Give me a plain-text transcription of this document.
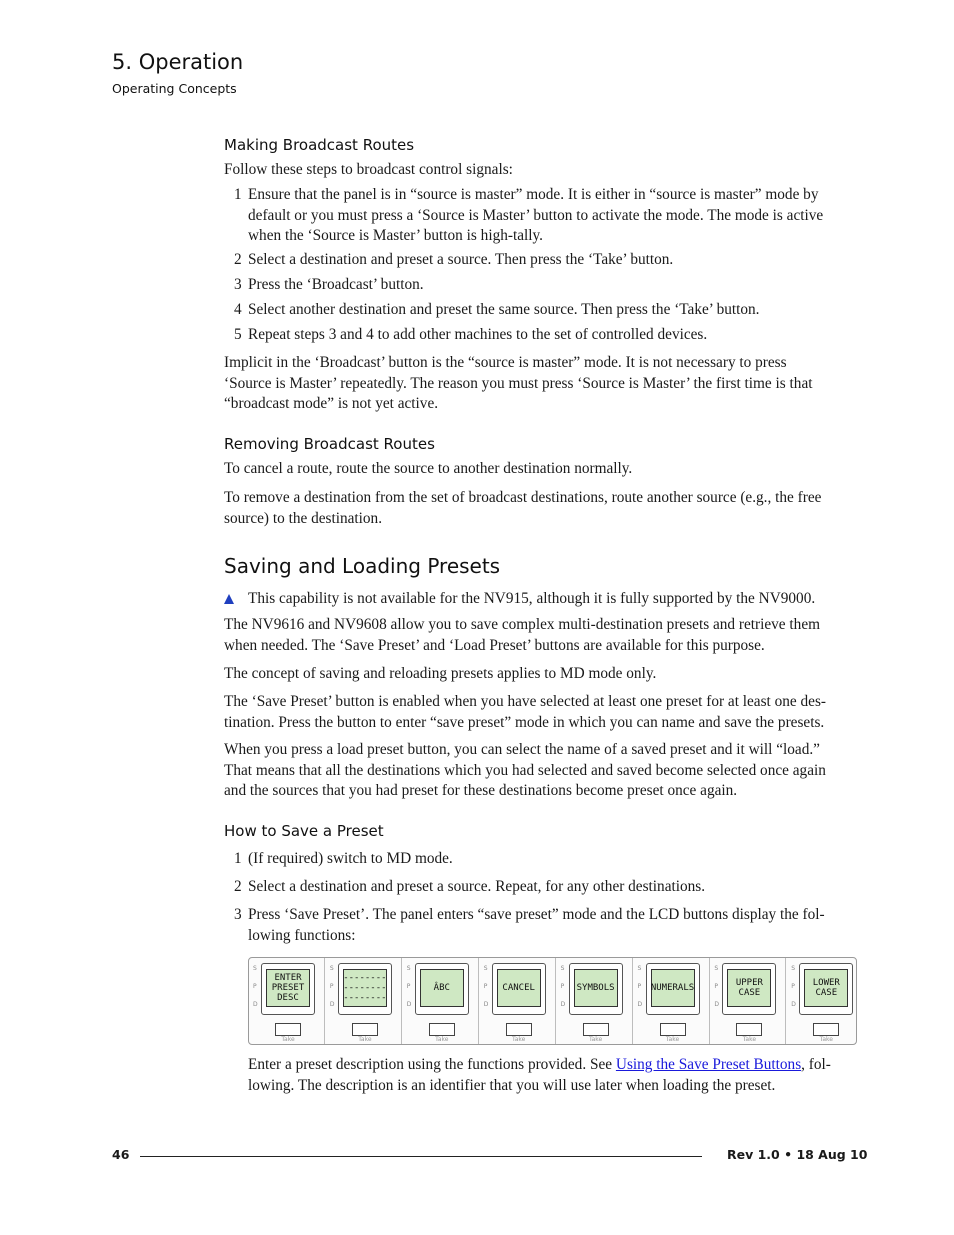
5. Operation
Operating Concepts
Making Broadcast Routes
Follow these steps to broadcast control signals:
1 Ensure that the panel is in “source is master” mode. It is either in “source is master” mode by default or you must press a ‘Source is Master’ button to activate the mode. The mode is active when the ‘Source is Master’ button is high-tally.
2 Select a destination and preset a source. Then press the ‘Take’ button.
3 Press the ‘Broadcast’ button.
4 Select another destination and preset the same source. Then press the ‘Take’ button.
5 Repeat steps 3 and 4 to add other machines to the set of controlled devices.
Implicit in the ‘Broadcast’ button is the “source is master” mode. It is not necessary to press ‘Source is Master’ repeatedly. The reason you must press ‘Source is Master’ the first time is that “broadcast mode” is not yet active.
Removing Broadcast Routes
To cancel a route, route the source to another destination normally.
To remove a destination from the set of broadcast destinations, route another source (e.g., the free source) to the destination.
Saving and Loading Presets
This capability is not available for the NV915, although it is fully supported by the NV9000.
The NV9616 and NV9608 allow you to save complex multi-destination presets and retrieve them when needed. The ‘Save Preset’ and ‘Load Preset’ buttons are available for this purpose.
The concept of saving and reloading presets applies to MD mode only.
The ‘Save Preset’ button is enabled when you have selected at least one preset for at least one des-tination. Press the button to enter “save preset” mode in which you can name and save the presets.
When you press a load preset button, you can select the name of a saved preset and it will “load.” That means that all the destinations which you had selected and saved become selected once again and the sources that you had preset for these destinations become preset once again.
How to Save a Preset
1 (If required) switch to MD mode.
2 Select a destination and preset a source. Repeat, for any other destinations.
3 Press ‘Save Preset’. The panel enters “save preset” mode and the LCD buttons display the fol-lowing functions:
S
P
D
ENTER
PRESET
DESC
Take
S
P
D
--------
--------
--------
Take
S
P
D
ÂBC
Take
S
P
D
CANCEL
Take
S
P
D
SYMBOLS
Take
S
P
D
NUMERALS
Take
S
P
D
UPPER
CASE
Take
S
P
D
LOWER
CASE
Take
Enter a preset description using the functions provided. See Using the Save Preset Buttons, fol-lowing. The description is an identifier that you will use later when loading the preset.
46	Rev 1.0 • 18 Aug 10
